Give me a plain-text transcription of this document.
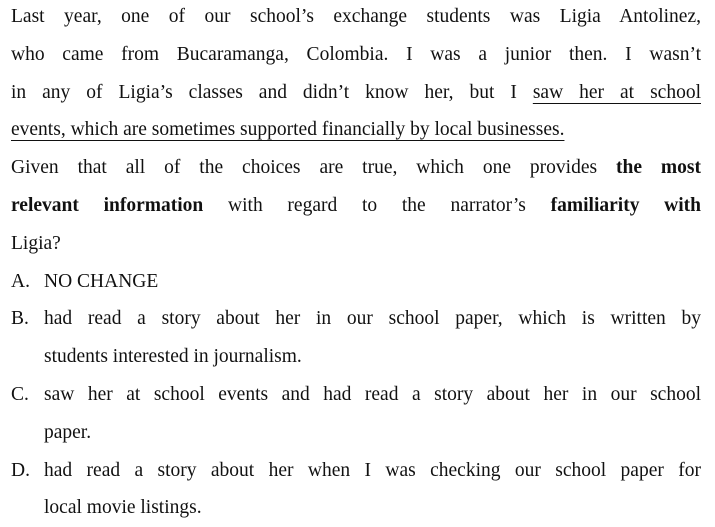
Last year, one of our school’s exchange students was Ligia Antolinez,
who came from Bucaramanga, Colombia. I was a junior then. I wasn’t
in any of Ligia’s classes and didn’t know her, but I saw her at school
events, which are sometimes supported financially by local businesses.
Given that all of the choices are true, which one provides the most
relevant information with regard to the narrator’s familiarity with
Ligia?
A. NO CHANGE
B. had read a story about her in our school paper, which is written by
students interested in journalism.
C. saw her at school events and had read a story about her in our school
paper.
D. had read a story about her when I was checking our school paper for
local movie listings.
